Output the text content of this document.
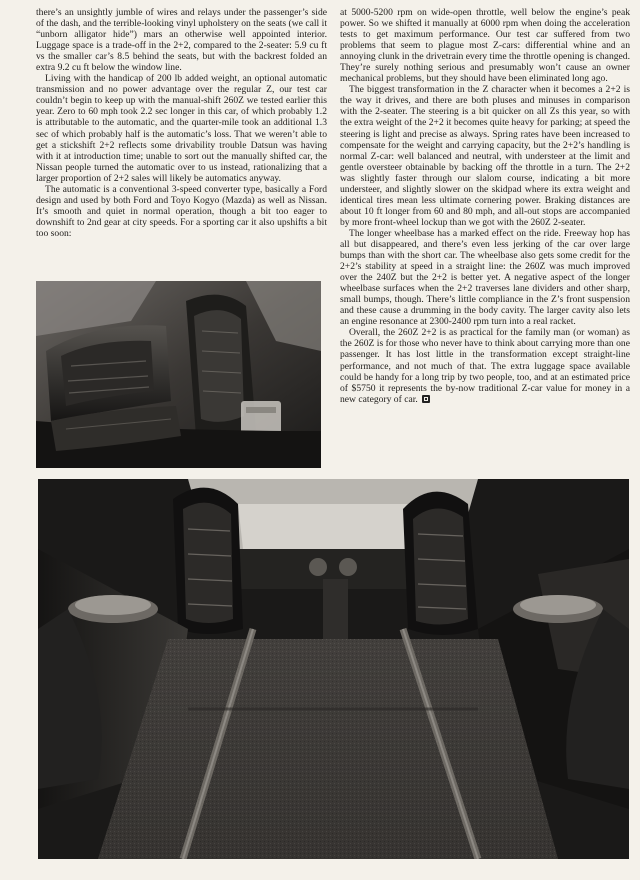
there’s an unsightly jumble of wires and relays under the passenger’s side of the dash, and the terrible-looking vinyl upholstery on the seats (we call it “unborn alligator hide”) mars an otherwise well appointed interior. Luggage space is a trade-off in the 2+2, compared to the 2-seater: 5.9 cu ft vs the smaller car’s 8.5 behind the seats, but with the backrest folded an extra 9.2 cu ft below the window line.

Living with the handicap of 200 lb added weight, an optional automatic transmission and no power advantage over the regular Z, our test car couldn’t begin to keep up with the manual-shift 260Z we tested earlier this year. Zero to 60 mph took 2.2 sec longer in this car, of which probably 1.2 is attributable to the automatic, and the quarter-mile took an additional 1.3 sec of which probably half is the automatic’s loss. That we weren’t able to get a stickshift 2+2 reflects some drivability trouble Datsun was having with it at introduction time; unable to sort out the manually shifted car, the Nissan people turned the automatic over to us instead, rationalizing that a larger proportion of 2+2 sales will likely be automatics anyway.

The automatic is a conventional 3-speed converter type, basically a Ford design and used by both Ford and Toyo Kogyo (Mazda) as well as Nissan. It’s smooth and quiet in normal operation, though a bit too eager to downshift to 2nd gear at city speeds. For a sporting car it also upshifts a bit too soon:

at 5000-5200 rpm on wide-open throttle, well below the engine’s peak power. So we shifted it manually at 6000 rpm when doing the acceleration tests to get maximum performance. Our test car suffered from two problems that seem to plague most Z-cars: differential whine and an annoying clunk in the drivetrain every time the throttle opening is changed. They’re surely nothing serious and presumably won’t cause an owner mechanical problems, but they should have been eliminated long ago.

The biggest transformation in the Z character when it becomes a 2+2 is the way it drives, and there are both pluses and minuses in comparison with the 2-seater. The steering is a bit quicker on all Zs this year, so with the extra weight of the 2+2 it becomes quite heavy for parking; at speed the steering is light and precise as always. Spring rates have been increased to compensate for the weight and carrying capacity, but the 2+2’s handling is normal Z-car: well balanced and neutral, with understeer at the limit and gentle oversteer obtainable by backing off the throttle in a turn. The 2+2 was slightly faster through our slalom course, indicating a bit more understeer, and slightly slower on the skidpad where its extra weight and identical tires mean less ultimate cornering power. Braking distances are about 10 ft longer from 60 and 80 mph, and all-out stops are accompanied by more front-wheel lockup than we got with the 260Z 2-seater.

The longer wheelbase has a marked effect on the ride. Freeway hop has all but disappeared, and there’s even less jerking of the car over large bumps than with the short car. The wheelbase also gets some credit for the 2+2’s stability at speed in a straight line: the 260Z was much improved over the 240Z but the 2+2 is better yet. A negative aspect of the longer wheelbase surfaces when the 2+2 traverses lane dividers and other sharp, small bumps, though. There’s little compliance in the Z’s front suspension and these cause a drumming in the body cavity. The larger cavity also lets an engine resonance at 2300-2400 rpm turn into a real racket.

Overall, the 260Z 2+2 is as practical for the family man (or woman) as the 260Z is for those who never have to think about carrying more than one passenger. It has lost little in the transformation except straight-line performance, and not much of that. The extra luggage space available could be handy for a long trip by two people, too, and at an estimated price of $5750 it represents the by-now traditional Z-car value for money in a new category of car.
